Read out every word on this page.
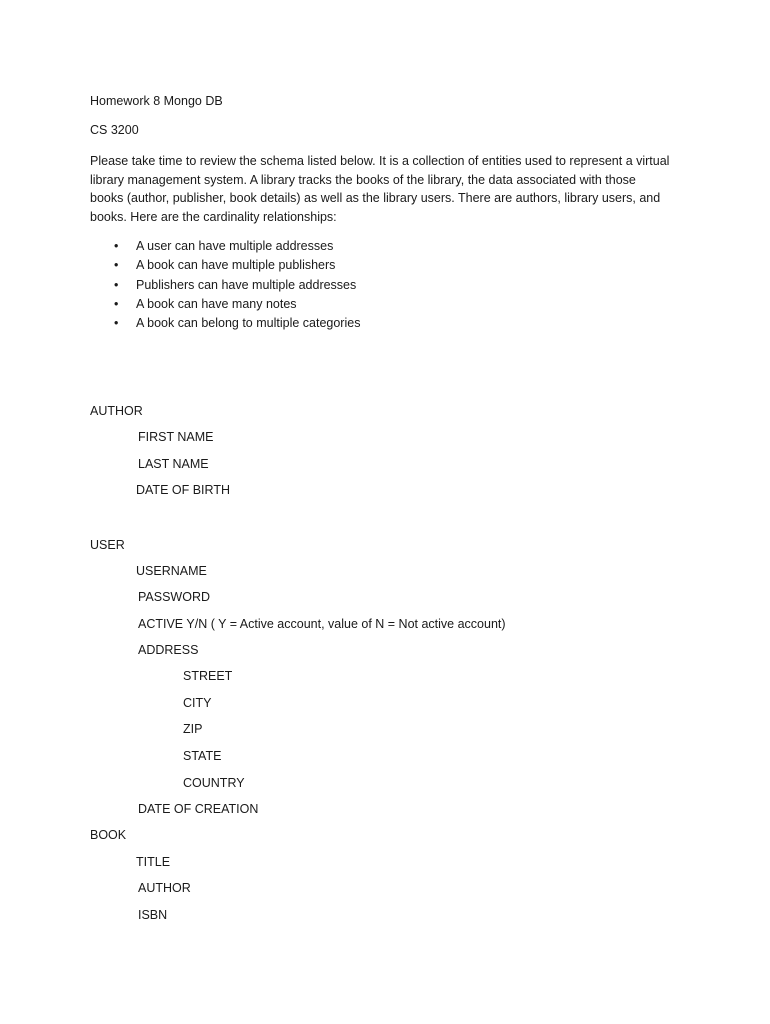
Homework 8 Mongo DB
CS 3200
Please take time to review the schema listed below. It is a collection of entities used to represent a virtual library management system. A library tracks the books of the library, the data associated with those books (author, publisher, book details) as well as the library users. There are authors, library users, and books. Here are the cardinality relationships:
• A user can have multiple addresses
• A book can have multiple publishers
• Publishers can have multiple addresses
• A book can have many notes
• A book can belong to multiple categories
AUTHOR
FIRST NAME
LAST NAME
DATE OF BIRTH
USER
USERNAME
PASSWORD
ACTIVE Y/N ( Y = Active account, value of N = Not active account)
ADDRESS
STREET
CITY
ZIP
STATE
COUNTRY
DATE OF CREATION
BOOK
TITLE
AUTHOR
ISBN
